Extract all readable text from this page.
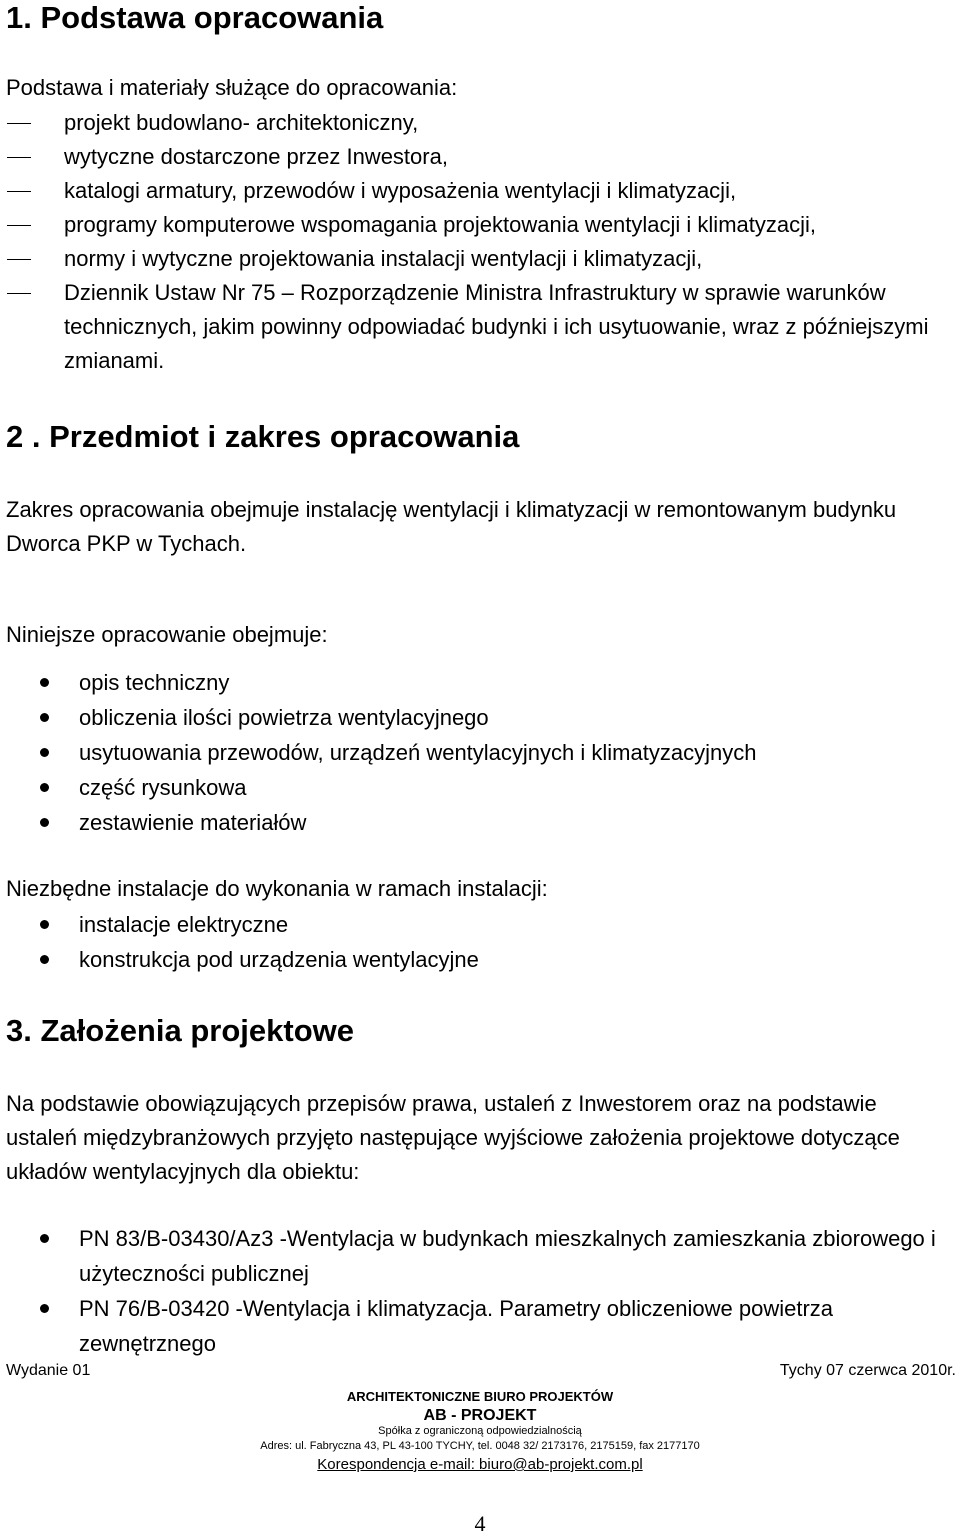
1. Podstawa opracowania

Podstawa i materiały służące do opracowania:

projekt budowlano- architektoniczny,
wytyczne dostarczone przez Inwestora,
katalogi armatury, przewodów i wyposażenia wentylacji i klimatyzacji,
programy komputerowe wspomagania projektowania wentylacji i klimatyzacji,
normy i wytyczne projektowania instalacji wentylacji i klimatyzacji,
Dziennik Ustaw Nr 75 – Rozporządzenie Ministra Infrastruktury w sprawie warunków technicznych, jakim powinny odpowiadać budynki i ich usytuowanie, wraz z późniejszymi zmianami.
2 . Przedmiot i zakres opracowania

Zakres opracowania obejmuje instalację wentylacji i klimatyzacji w remontowanym budynku Dworca PKP w Tychach.

Niniejsze opracowanie obejmuje:

opis techniczny
obliczenia ilości powietrza wentylacyjnego
usytuowania przewodów, urządzeń wentylacyjnych i klimatyzacyjnych
część rysunkowa
zestawienie materiałów

Niezbędne instalacje do wykonania w ramach instalacji:

instalacje elektryczne
konstrukcja pod urządzenia wentylacyjne
3. Założenia projektowe

Na podstawie obowiązujących przepisów prawa, ustaleń z Inwestorem oraz na podstawie ustaleń międzybranżowych przyjęto następujące wyjściowe założenia projektowe dotyczące układów wentylacyjnych dla obiektu:

PN 83/B-03430/Az3 -Wentylacja w budynkach mieszkalnych zamieszkania zbiorowego i użyteczności publicznej
PN 76/B-03420 -Wentylacja i klimatyzacja. Parametry obliczeniowe powietrza zewnętrznego
Wydanie 01	Tychy 07 czerwca 2010r.
ARCHITEKTONICZNE BIURO PROJEKTÓW
AB - PROJEKT
Spółka z ograniczoną odpowiedzialnością
Adres: ul. Fabryczna 43, PL 43-100 TYCHY, tel. 0048 32/ 2173176, 2175159, fax 2177170
Korespondencja e-mail: biuro@ab-projekt.com.pl
4
